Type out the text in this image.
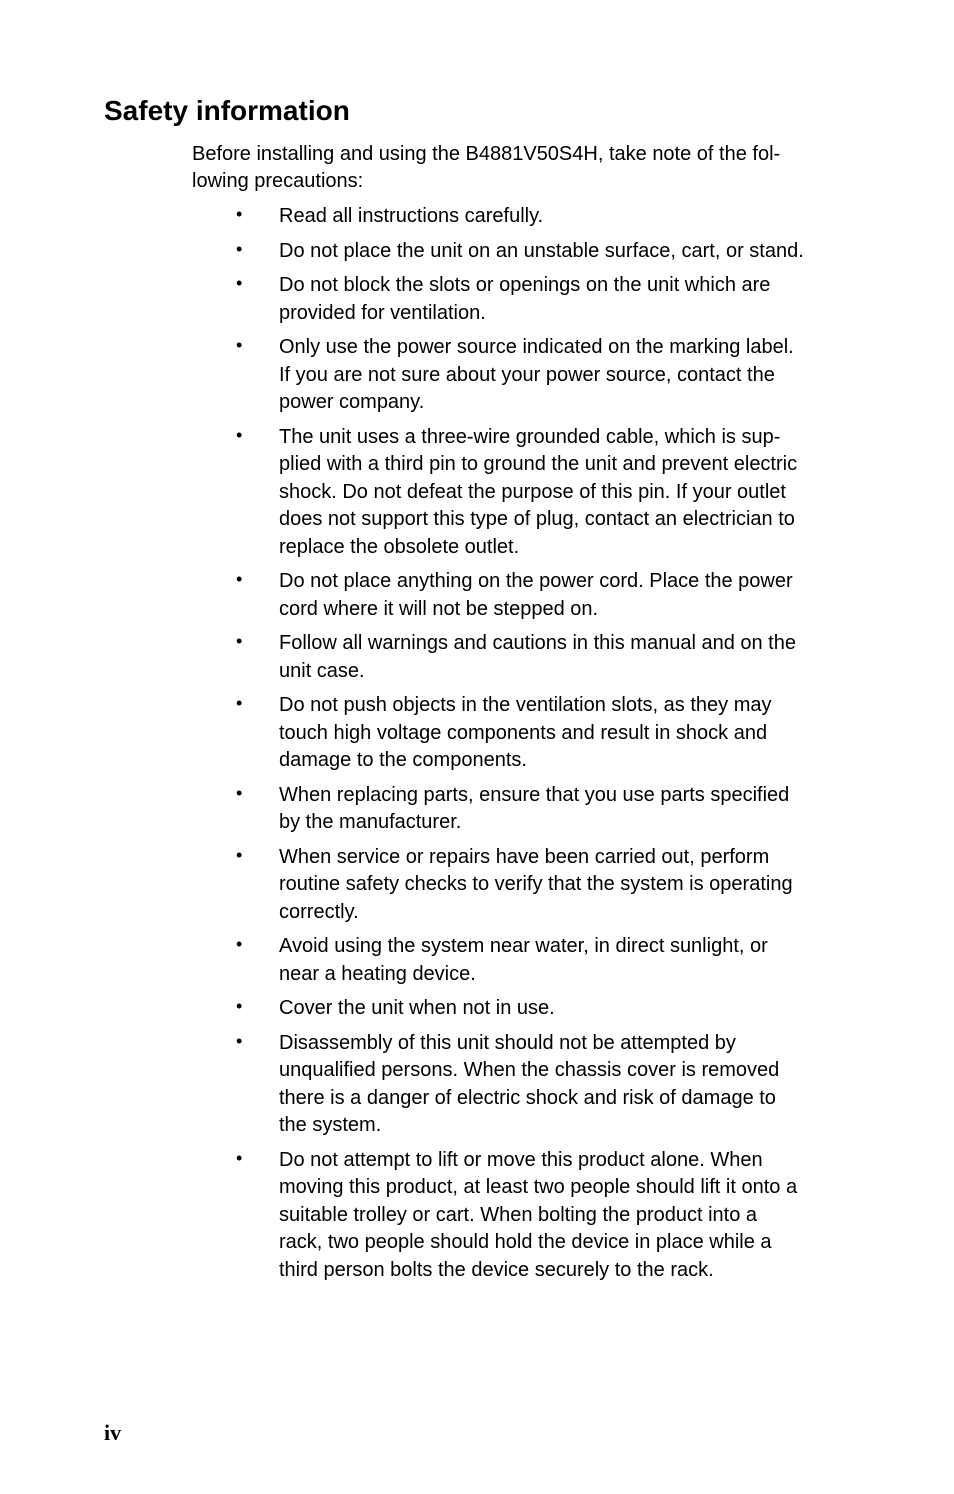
Safety information

Before installing and using the B4881V50S4H, take note of the fol-
lowing precautions:

• Read all instructions carefully.
• Do not place the unit on an unstable surface, cart, or stand.
• Do not block the slots or openings on the unit which are
provided for ventilation.
• Only use the power source indicated on the marking label.
If you are not sure about your power source, contact the
power company.
• The unit uses a three-wire grounded cable, which is sup-
plied with a third pin to ground the unit and prevent electric
shock. Do not defeat the purpose of this pin. If your outlet
does not support this type of plug, contact an electrician to
replace the obsolete outlet.
• Do not place anything on the power cord. Place the power
cord where it will not be stepped on.
• Follow all warnings and cautions in this manual and on the
unit case.
• Do not push objects in the ventilation slots, as they may
touch high voltage components and result in shock and
damage to the components.
• When replacing parts, ensure that you use parts specified
by the manufacturer.
• When service or repairs have been carried out, perform
routine safety checks to verify that the system is operating
correctly.
• Avoid using the system near water, in direct sunlight, or
near a heating device.
• Cover the unit when not in use.
• Disassembly of this unit should not be attempted by
unqualified persons. When the chassis cover is removed
there is a danger of electric shock and risk of damage to
the system.
• Do not attempt to lift or move this product alone. When
moving this product, at least two people should lift it onto a
suitable trolley or cart. When bolting the product into a
rack, two people should hold the device in place while a
third person bolts the device securely to the rack.
iv
